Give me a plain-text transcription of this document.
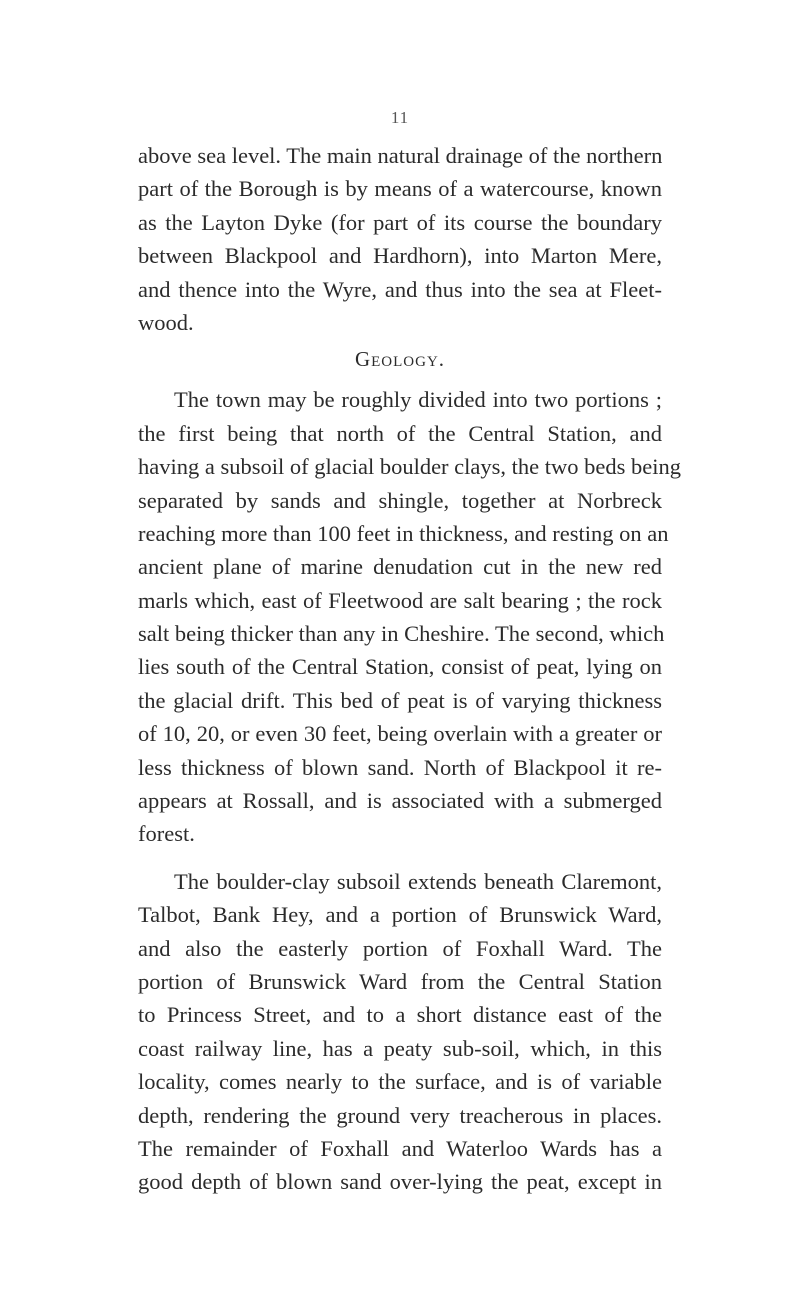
11
above sea level. The main natural drainage of the northern
part of the Borough is by means of a watercourse, known
as the Layton Dyke (for part of its course the boundary
between Blackpool and Hardhorn), into Marton Mere,
and thence into the Wyre, and thus into the sea at Fleet-
wood.
Geology.
The town may be roughly divided into two portions ;
the first being that north of the Central Station, and
having a subsoil of glacial boulder clays, the two beds being
separated by sands and shingle, together at Norbreck
reaching more than 100 feet in thickness, and resting on an
ancient plane of marine denudation cut in the new red
marls which, east of Fleetwood are salt bearing ; the rock
salt being thicker than any in Cheshire. The second, which
lies south of the Central Station, consist of peat, lying on
the glacial drift. This bed of peat is of varying thickness
of 10, 20, or even 30 feet, being overlain with a greater or
less thickness of blown sand. North of Blackpool it re-
appears at Rossall, and is associated with a submerged
forest.
The boulder-clay subsoil extends beneath Claremont,
Talbot, Bank Hey, and a portion of Brunswick Ward,
and also the easterly portion of Foxhall Ward. The
portion of Brunswick Ward from the Central Station
to Princess Street, and to a short distance east of the
coast railway line, has a peaty sub-soil, which, in this
locality, comes nearly to the surface, and is of variable
depth, rendering the ground very treacherous in places.
The remainder of Foxhall and Waterloo Wards has a
good depth of blown sand over-lying the peat, except in
